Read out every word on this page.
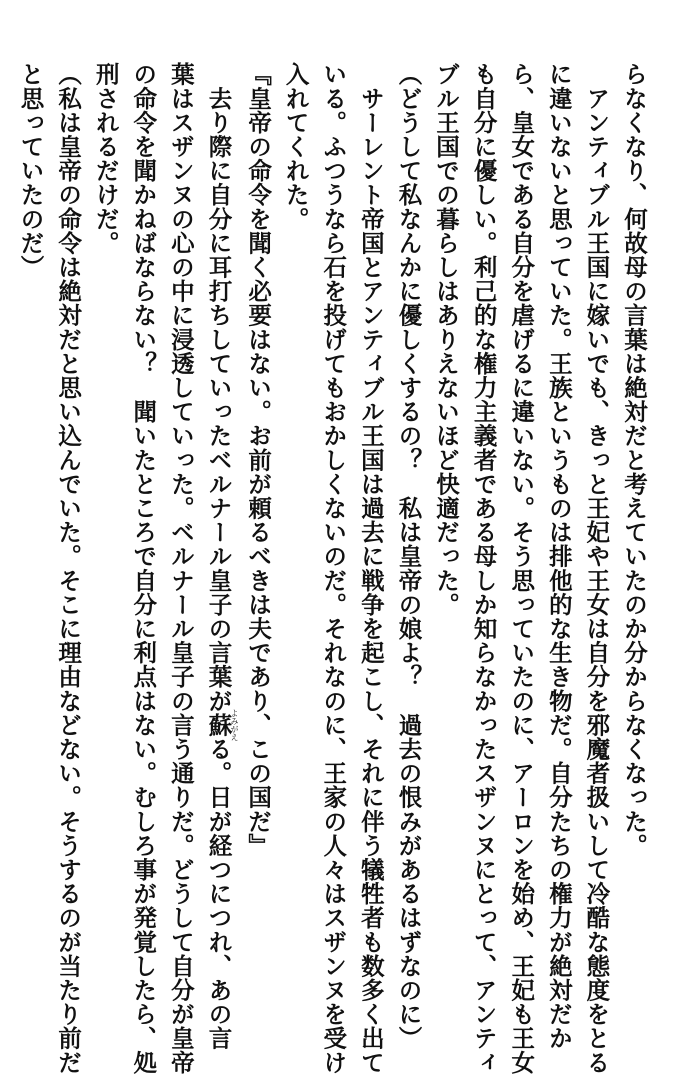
らなくなり、何故母の言葉は絶対だと考えていたのか分からなくなった。
　アンティブル王国に嫁いでも、きっと王妃や王女は自分を邪魔者扱いして冷酷な態度をとる
に違いないと思っていた。王族というものは排他的な生き物だ。自分たちの権力が絶対だか
ら、皇女である自分を虐げるに違いない。そう思っていたのに、アーロンを始め、王妃も王女
も自分に優しい。利己的な権力主義者である母しか知らなかったスザンヌにとって、アンティ
ブル王国での暮らしはありえないほど快適だった。
（どうして私なんかに優しくするの？　私は皇帝の娘よ？　過去の恨みがあるはずなのに）
　サーレント帝国とアンティブル王国は過去に戦争を起こし、それに伴う犠牲者も数多く出て
いる。ふつうなら石を投げてもおかしくないのだ。それなのに、王家の人々はスザンヌを受け
入れてくれた。
『皇帝の命令を聞く必要はない。お前が頼るべきは夫であり、この国だ』
　去り際に自分に耳打ちしていったベルナール皇子の言葉が蘇よみがえる。日が経つにつれ、あの言
葉はスザンヌの心の中に浸透していった。ベルナール皇子の言う通りだ。どうして自分が皇帝
の命令を聞かねばならない？　聞いたところで自分に利点はない。むしろ事が発覚したら、処
刑されるだけだ。
（私は皇帝の命令は絶対だと思い込んでいた。そこに理由などない。そうするのが当たり前だ
と思っていたのだ）
